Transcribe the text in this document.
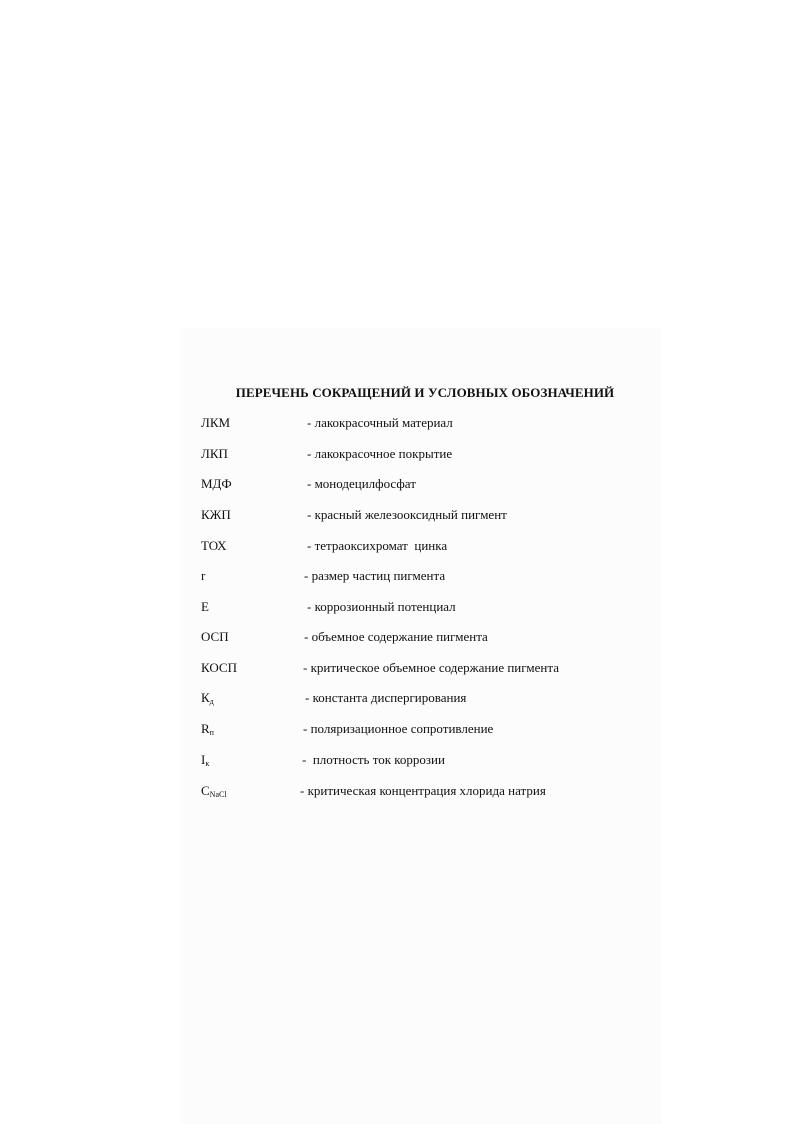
ПЕРЕЧЕНЬ СОКРАЩЕНИЙ И УСЛОВНЫХ ОБОЗНАЧЕНИЙ
ЛКМ	- лакокрасочный материал
ЛКП	- лакокрасочное покрытие
МДФ	- монодецилфосфат
КЖП	- красный железооксидный пигмент
ТОХ	- тетраоксихромат  цинка
r	- размер частиц пигмента
E	- коррозионный потенциал
ОСП	- объемное содержание пигмента
КОСП	- критическое объемное содержание пигмента
$К_д$	- константа диспергирования
$R_п$	- поляризационное сопротивление
$I_к$	-  плотность ток коррозии
$C_{NaCl}$	- критическая концентрация хлорида натрия
